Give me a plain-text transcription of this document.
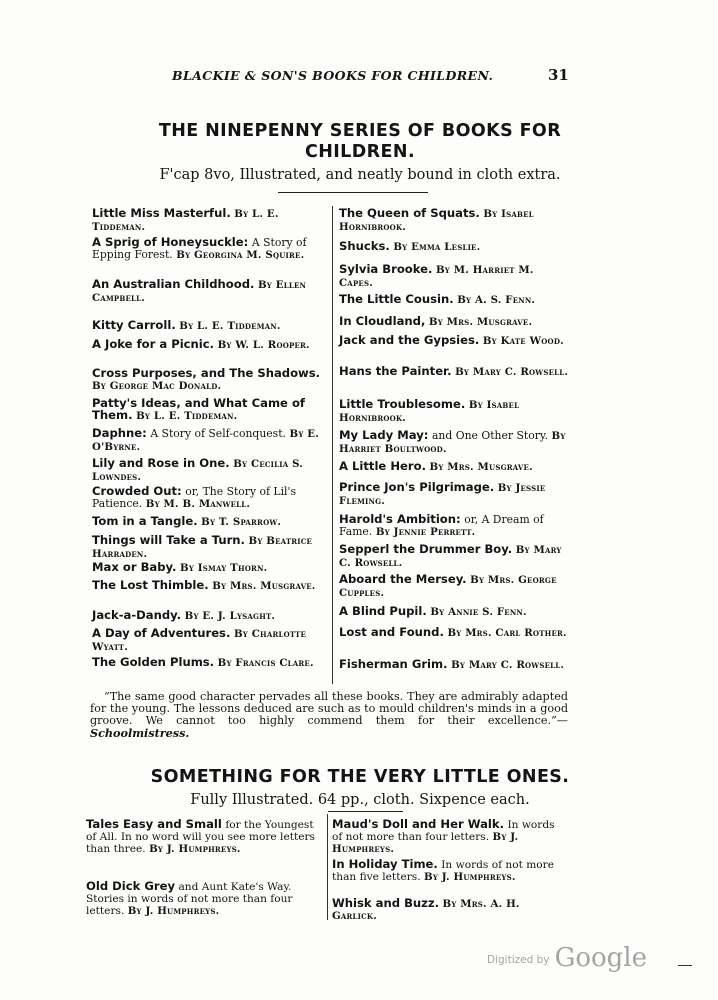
BLACKIE & SON'S BOOKS FOR CHILDREN.	31
THE NINEPENNY SERIES OF BOOKS FOR
CHILDREN.
F'cap 8vo, Illustrated, and neatly bound in cloth extra.
Little Miss Masterful. By L. E. Tiddeman.
A Sprig of Honeysuckle: A Story of Epping Forest. By Georgina M. Squire.
An Australian Childhood. By Ellen Campbell.
Kitty Carroll. By L. E. Tiddeman.
A Joke for a Picnic. By W. L. Rooper.
Cross Purposes, and The Shadows. By George Mac Donald.
Patty's Ideas, and What Came of Them. By L. E. Tiddeman.
Daphne: A Story of Self-conquest. By E. O'Byrne.
Lily and Rose in One. By Cecilia S. Lowndes.
Crowded Out: or, The Story of Lil's Patience. By M. B. Manwell.
Tom in a Tangle. By T. Sparrow.
Things will Take a Turn. By Beatrice Harraden.
Max or Baby. By Ismay Thorn.
The Lost Thimble. By Mrs. Musgrave.
Jack-a-Dandy. By E. J. Lysaght.
A Day of Adventures. By Charlotte Wyatt.
The Golden Plums. By Francis Clare.
The Queen of Squats. By Isabel Hornibrook.
Shucks. By Emma Leslie.
Sylvia Brooke. By M. Harriet M. Capes.
The Little Cousin. By A. S. Fenn.
In Cloudland, By Mrs. Musgrave.
Jack and the Gypsies. By Kate Wood.
Hans the Painter. By Mary C. Rowsell.
Little Troublesome. By Isabel Hornibrook.
My Lady May: and One Other Story. By Harriet Boultwood.
A Little Hero. By Mrs. Musgrave.
Prince Jon's Pilgrimage. By Jessie Fleming.
Harold's Ambition: or, A Dream of Fame. By Jennie Perrett.
Sepperl the Drummer Boy. By Mary C. Rowsell.
Aboard the Mersey. By Mrs. George Cupples.
A Blind Pupil. By Annie S. Fenn.
Lost and Found. By Mrs. Carl Rother.
Fisherman Grim. By Mary C. Rowsell.
“The same good character pervades all these books. They are admirably adapted for the young. The lessons deduced are such as to mould children's minds in a good groove. We cannot too highly commend them for their excellence.”—Schoolmistress.
SOMETHING FOR THE VERY LITTLE ONES.
Fully Illustrated. 64 pp., cloth. Sixpence each.
Tales Easy and Small for the Youngest of All. In no word will you see more letters than three. By J. Humphreys.
Old Dick Grey and Aunt Kate's Way. Stories in words of not more than four letters. By J. Humphreys.
Maud's Doll and Her Walk. In words of not more than four letters. By J. Humphreys.
In Holiday Time. In words of not more than five letters. By J. Humphreys.
Whisk and Buzz. By Mrs. A. H. Garlick.
Digitized by Google
